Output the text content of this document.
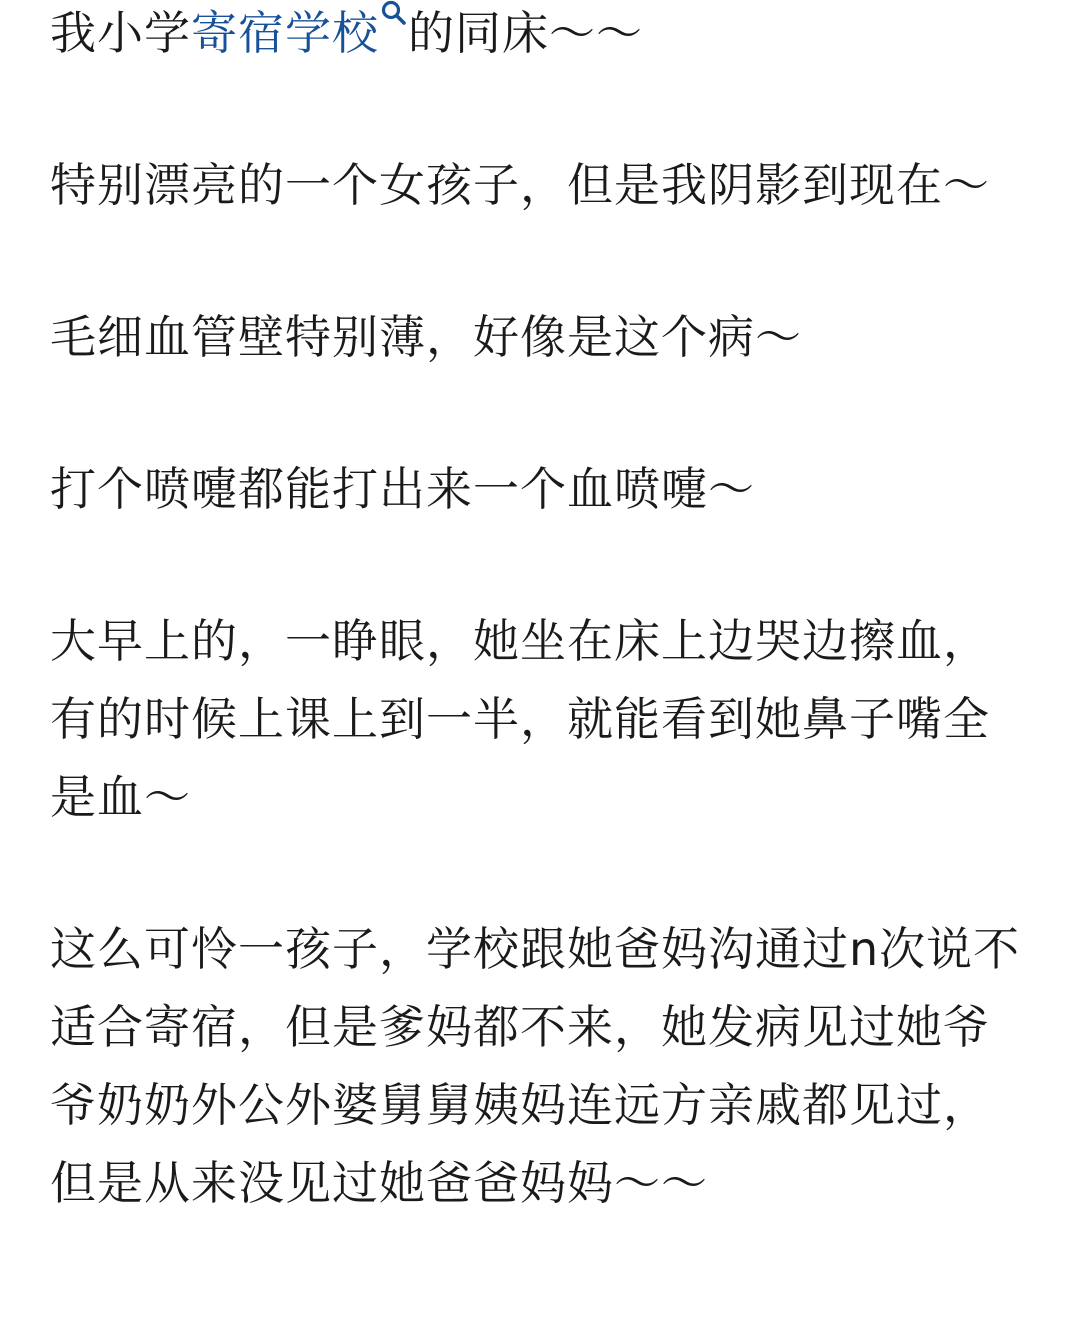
我小学寄宿学校 的同床～～

特别漂亮的一个女孩子，但是我阴影到现在～

毛细血管壁特别薄，好像是这个病～

打个喷嚏都能打出来一个血喷嚏～

大早上的，一睁眼，她坐在床上边哭边擦血，有的时候上课上到一半，就能看到她鼻子嘴全是血～

这么可怜一孩子，学校跟她爸妈沟通过n次说不适合寄宿，但是爹妈都不来，她发病见过她爷爷奶奶外公外婆舅舅姨妈连远方亲戚都见过，但是从来没见过她爸爸妈妈～～
